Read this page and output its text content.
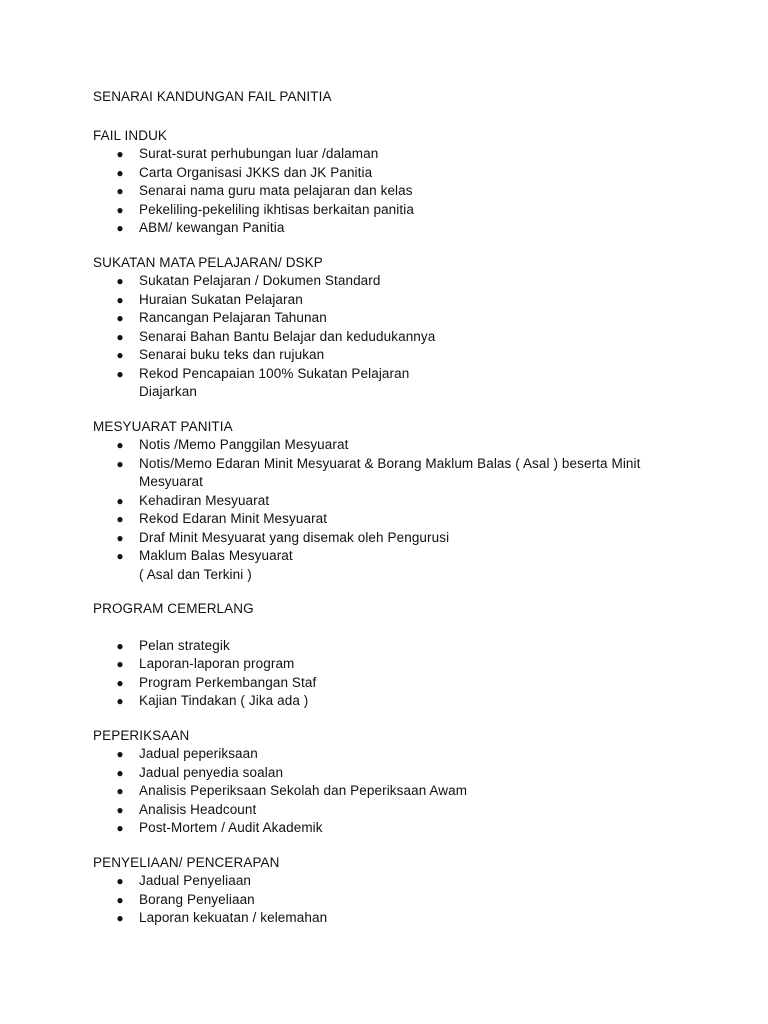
SENARAI KANDUNGAN FAIL PANITIA
FAIL INDUK
● Surat-surat perhubungan luar /dalaman
● Carta Organisasi JKKS dan JK Panitia
● Senarai nama guru mata pelajaran dan kelas
● Pekeliling-pekeliling ikhtisas berkaitan panitia
● ABM/ kewangan Panitia
SUKATAN MATA PELAJARAN/ DSKP
● Sukatan Pelajaran / Dokumen Standard
● Huraian Sukatan Pelajaran
● Rancangan Pelajaran Tahunan
● Senarai Bahan Bantu Belajar dan kedudukannya
● Senarai buku teks dan rujukan
● Rekod Pencapaian 100% Sukatan Pelajaran
Diajarkan
MESYUARAT PANITIA
● Notis /Memo Panggilan Mesyuarat
● Notis/Memo Edaran Minit Mesyuarat & Borang Maklum Balas ( Asal ) beserta Minit
Mesyuarat
● Kehadiran Mesyuarat
● Rekod Edaran Minit Mesyuarat
● Draf Minit Mesyuarat yang disemak oleh Pengurusi
● Maklum Balas Mesyuarat
( Asal dan Terkini )
PROGRAM CEMERLANG
● Pelan strategik
● Laporan-laporan program
● Program Perkembangan Staf
● Kajian Tindakan ( Jika ada )
PEPERIKSAAN
● Jadual peperiksaan
● Jadual penyedia soalan
● Analisis Peperiksaan Sekolah dan Peperiksaan Awam
● Analisis Headcount
● Post-Mortem / Audit Akademik
PENYELIAAN/ PENCERAPAN
● Jadual Penyeliaan
● Borang Penyeliaan
● Laporan kekuatan / kelemahan
